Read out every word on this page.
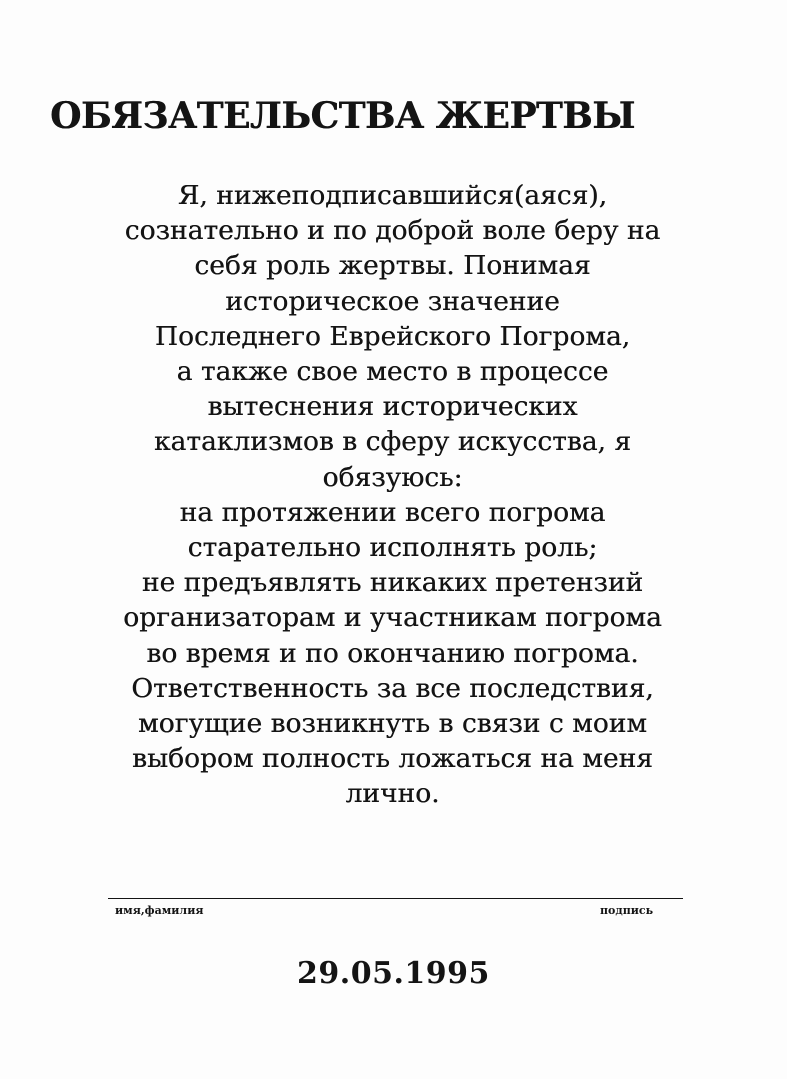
ОБЯЗАТЕЛЬСТВА ЖЕРТВЫ
Я, нижеподписавшийся(аяся),
сознательно и по доброй воле беру на
себя роль жертвы. Понимая
историческое значение
Последнего Еврейского Погрома,
а также свое место в процессе
вытеснения исторических
катаклизмов в сферу искусства, я
обязуюсь:
на протяжении всего погрома
старательно исполнять роль;
не предъявлять никаких претензий
организаторам и участникам погрома
во время и по окончанию погрома.
Ответственность за все последствия,
могущие возникнуть в связи с моим
выбором полность ложаться на меня
лично.
имя,фамилия	подпись
29.05.1995
